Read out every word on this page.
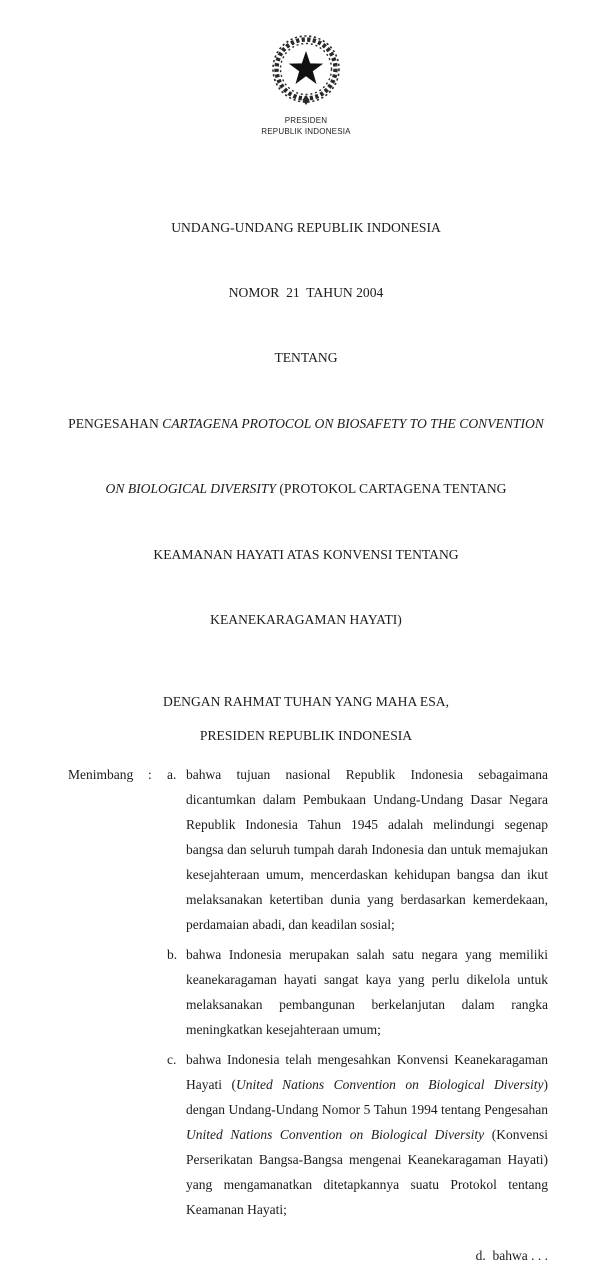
PRESIDEN
REPUBLIK INDONESIA

UNDANG-UNDANG REPUBLIK INDONESIA

NOMOR  21  TAHUN 2004

TENTANG

PENGESAHAN CARTAGENA PROTOCOL ON BIOSAFETY TO THE CONVENTION

ON BIOLOGICAL DIVERSITY (PROTOKOL CARTAGENA TENTANG

KEAMANAN HAYATI ATAS KONVENSI TENTANG

KEANEKARAGAMAN HAYATI)

DENGAN RAHMAT TUHAN YANG MAHA ESA,
PRESIDEN REPUBLIK INDONESIA
Menimbang	:	a. bahwa tujuan nasional Republik Indonesia sebagaimana dicantumkan dalam Pembukaan Undang-Undang Dasar Negara Republik Indonesia Tahun 1945 adalah melindungi segenap bangsa dan seluruh tumpah darah Indonesia dan untuk memajukan kesejahteraan umum, mencerdaskan kehidupan bangsa dan ikut melaksanakan ketertiban dunia yang berdasarkan kemerdekaan, perdamaian abadi, dan keadilan sosial;
b. bahwa Indonesia merupakan salah satu negara yang memiliki keanekaragaman hayati sangat kaya yang perlu dikelola untuk melaksanakan pembangunan berkelanjutan dalam rangka meningkatkan kesejahteraan umum;
c. bahwa Indonesia telah mengesahkan Konvensi Keanekaragaman Hayati (United Nations Convention on Biological Diversity) dengan Undang-Undang Nomor 5 Tahun 1994 tentang Pengesahan United Nations Convention on Biological Diversity (Konvensi Perserikatan Bangsa-Bangsa mengenai Keanekaragaman Hayati) yang mengamanatkan ditetapkannya suatu Protokol tentang Keamanan Hayati;
d.  bahwa . . .
